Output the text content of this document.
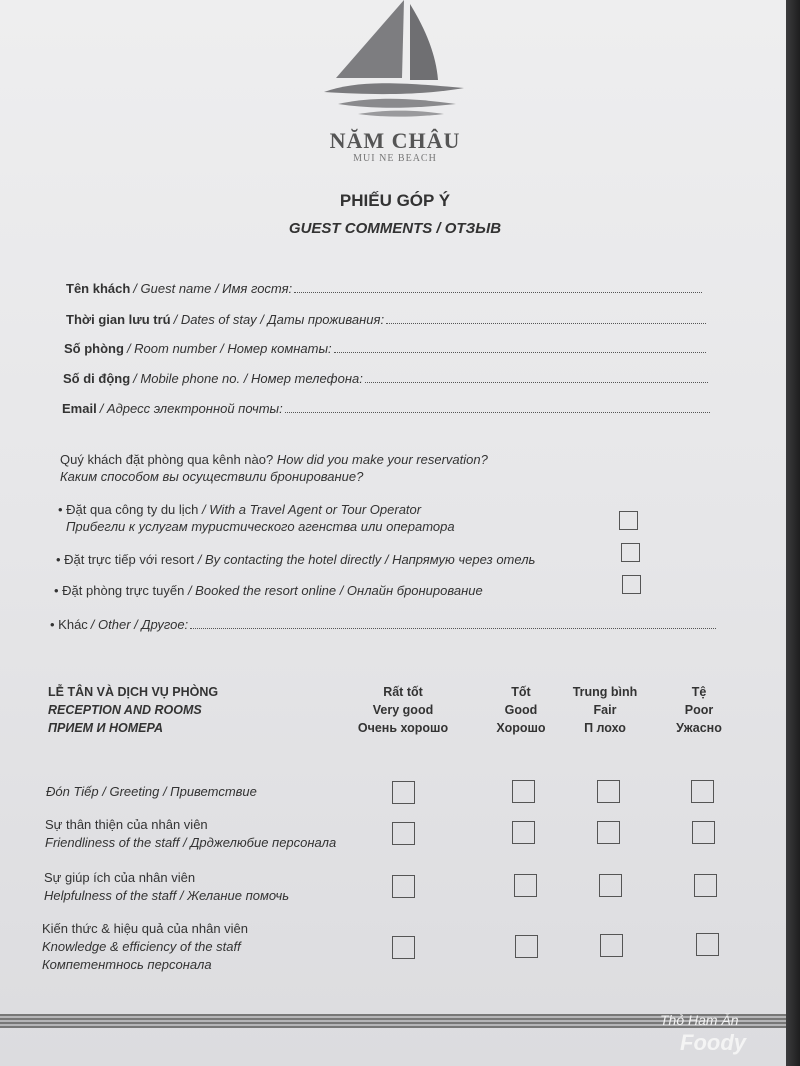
NĂM CHÂU
MUI NE BEACH
PHIẾU GÓP Ý
GUEST COMMENTS / ОТЗЫВ
Tên khách / Guest name / Имя гостя:
Thời gian lưu trú / Dates of stay / Даты проживания:
Số phòng / Room number / Номер комнаты:
Số di động / Mobile phone no. / Номер телефона:
Email / Адресс электронной почты:
Quý khách đặt phòng qua kênh nào? How did you make your reservation?
Каким способом вы осуществили бронирование?
• Đặt qua công ty du lịch / With a Travel Agent or Tour Operator
Прибегли к услугам туристического агенства или оператора
• Đặt trực tiếp với resort / By contacting the hotel directly / Напрямую через отель
• Đặt phòng trực tuyến / Booked the resort online / Онлайн бронирование
• Khác / Other / Другое:
LỄ TÂN VÀ DỊCH VỤ PHÒNG
RECEPTION AND ROOMS
ПРИЕМ И НОМЕРА
Rất tốt
Very good
Очень хорошо
Tốt
Good
Хорошо
Trung bình
Fair
П лохо
Tệ
Poor
Ужасно
Đón Tiếp / Greeting / Приветствие
Sự thân thiện của nhân viên
Friendliness of the staff / Дрджелюбие персонала
Sự giúp ích của nhân viên
Helpfulness of the staff / Желание помочь
Kiến thức & hiệu quả của nhân viên
Knowledge & efficiency of the staff
Компетентнось персонала
Thỏ Ham Ăn
Foody
